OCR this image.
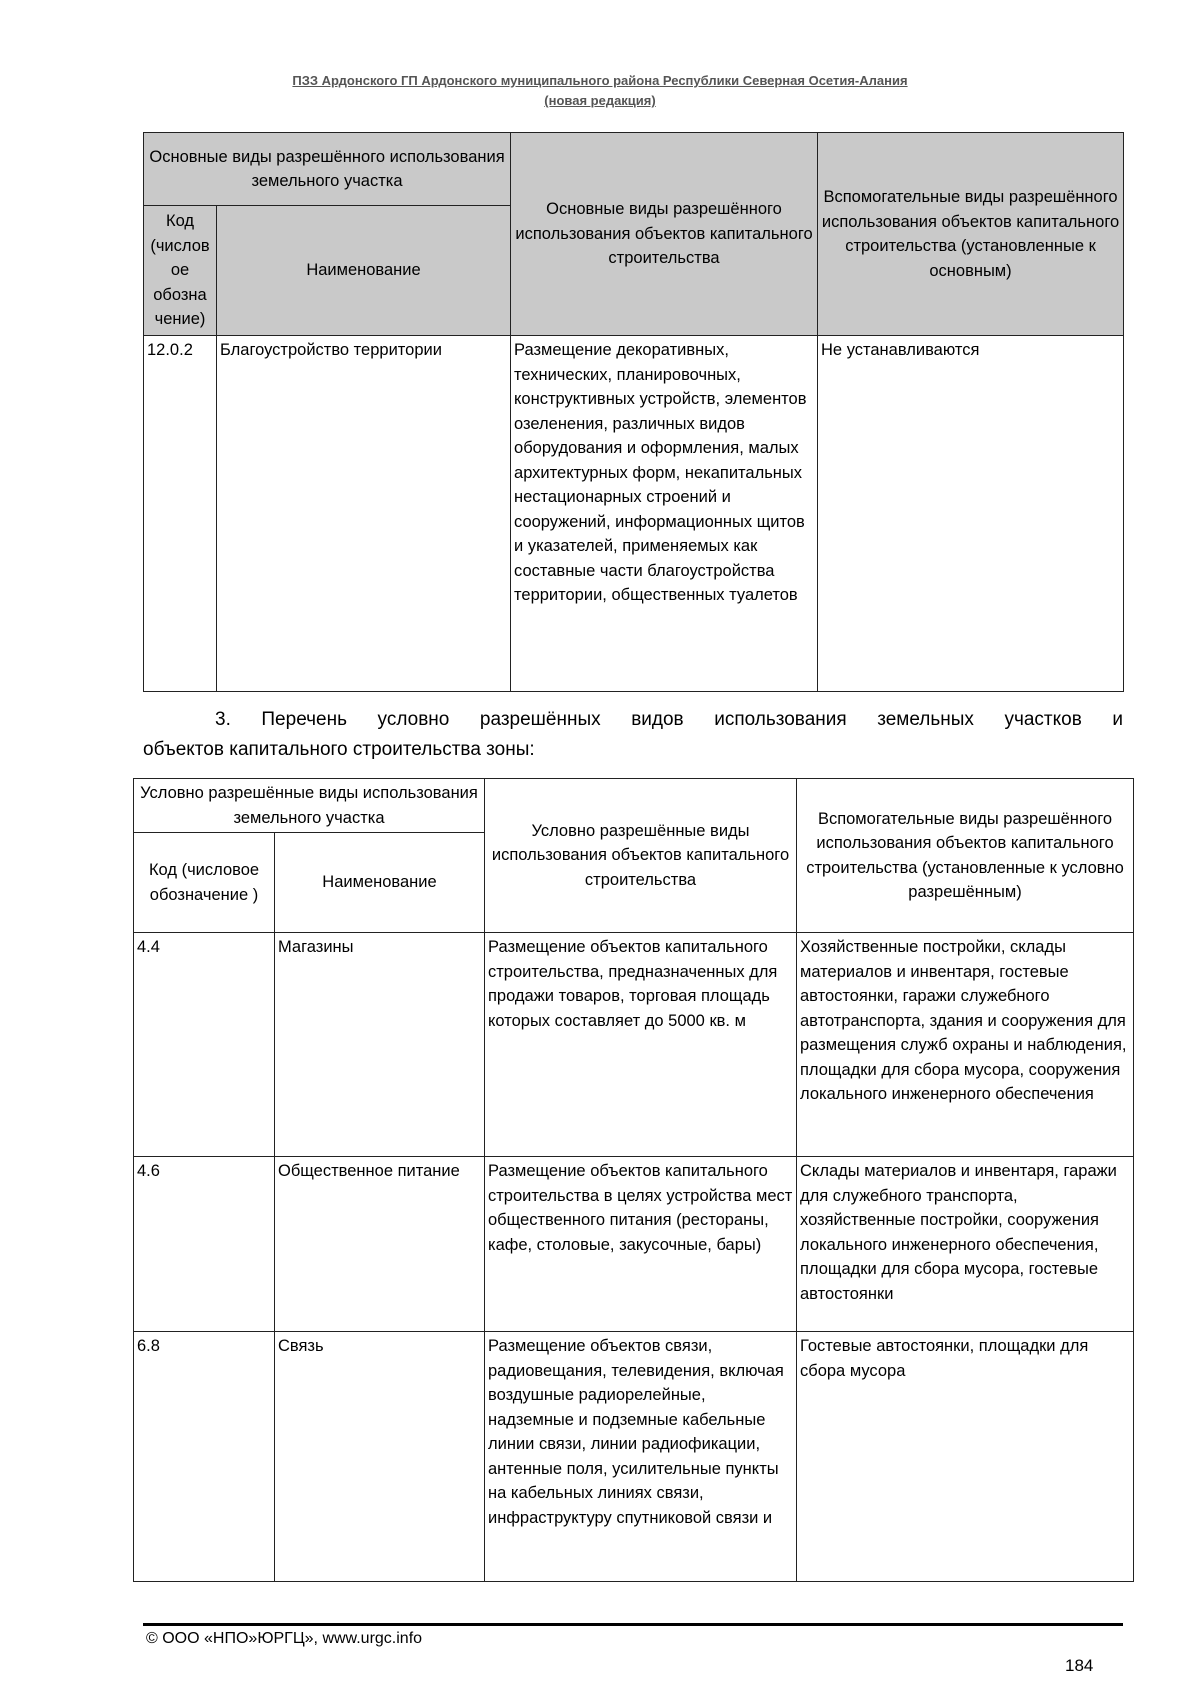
ПЗЗ Ардонского ГП Ардонского муниципального района Республики Северная Осетия-Алания
(новая редакция)
Основные виды разрешённого использования земельного участка		Основные виды разрешённого использования объектов капитального строительства	Вспомогательные виды разрешённого использования объектов капитального строительства (установленные к основным)
Код (числов ое обозна чение)	Наименование		
12.0.2	Благоустройство территории	Размещение декоративных, технических, планировочных, конструктивных устройств, элементов озеленения, различных видов оборудования и оформления, малых архитектурных форм, некапитальных нестационарных строений и сооружений, информационных щитов и указателей, применяемых как составные части благоустройства территории, общественных туалетов	Не устанавливаются
3. Перечень условно разрешённых видов использования земельных участков и
объектов капитального строительства зоны:
Условно разрешённые виды использования земельного участка		Условно разрешённые виды использования объектов капитального строительства	Вспомогательные виды разрешённого использования объектов капитального строительства (установленные к условно разрешённым)
Код (числовое обозначение )	Наименование		
4.4	Магазины	Размещение объектов капитального строительства, предназначенных для продажи товаров, торговая площадь которых составляет до 5000 кв. м	Хозяйственные постройки, склады материалов и инвентаря, гостевые автостоянки, гаражи служебного автотранспорта, здания и сооружения для размещения служб охраны и наблюдения, площадки для сбора мусора, сооружения локального инженерного обеспечения
4.6	Общественное питание	Размещение объектов капитального строительства в целях устройства мест общественного питания (рестораны, кафе, столовые, закусочные, бары)	Склады материалов и инвентаря, гаражи для служебного транспорта, хозяйственные постройки, сооружения локального инженерного обеспечения, площадки для сбора мусора, гостевые автостоянки
6.8	Связь	Размещение объектов связи, радиовещания, телевидения, включая воздушные радиорелейные, надземные и подземные кабельные линии связи, линии радиофикации, антенные поля, усилительные пункты на кабельных линиях связи, инфраструктуру спутниковой связи и	Гостевые автостоянки, площадки для сбора мусора
© ООО «НПО»ЮРГЦ», www.urgc.info
184
